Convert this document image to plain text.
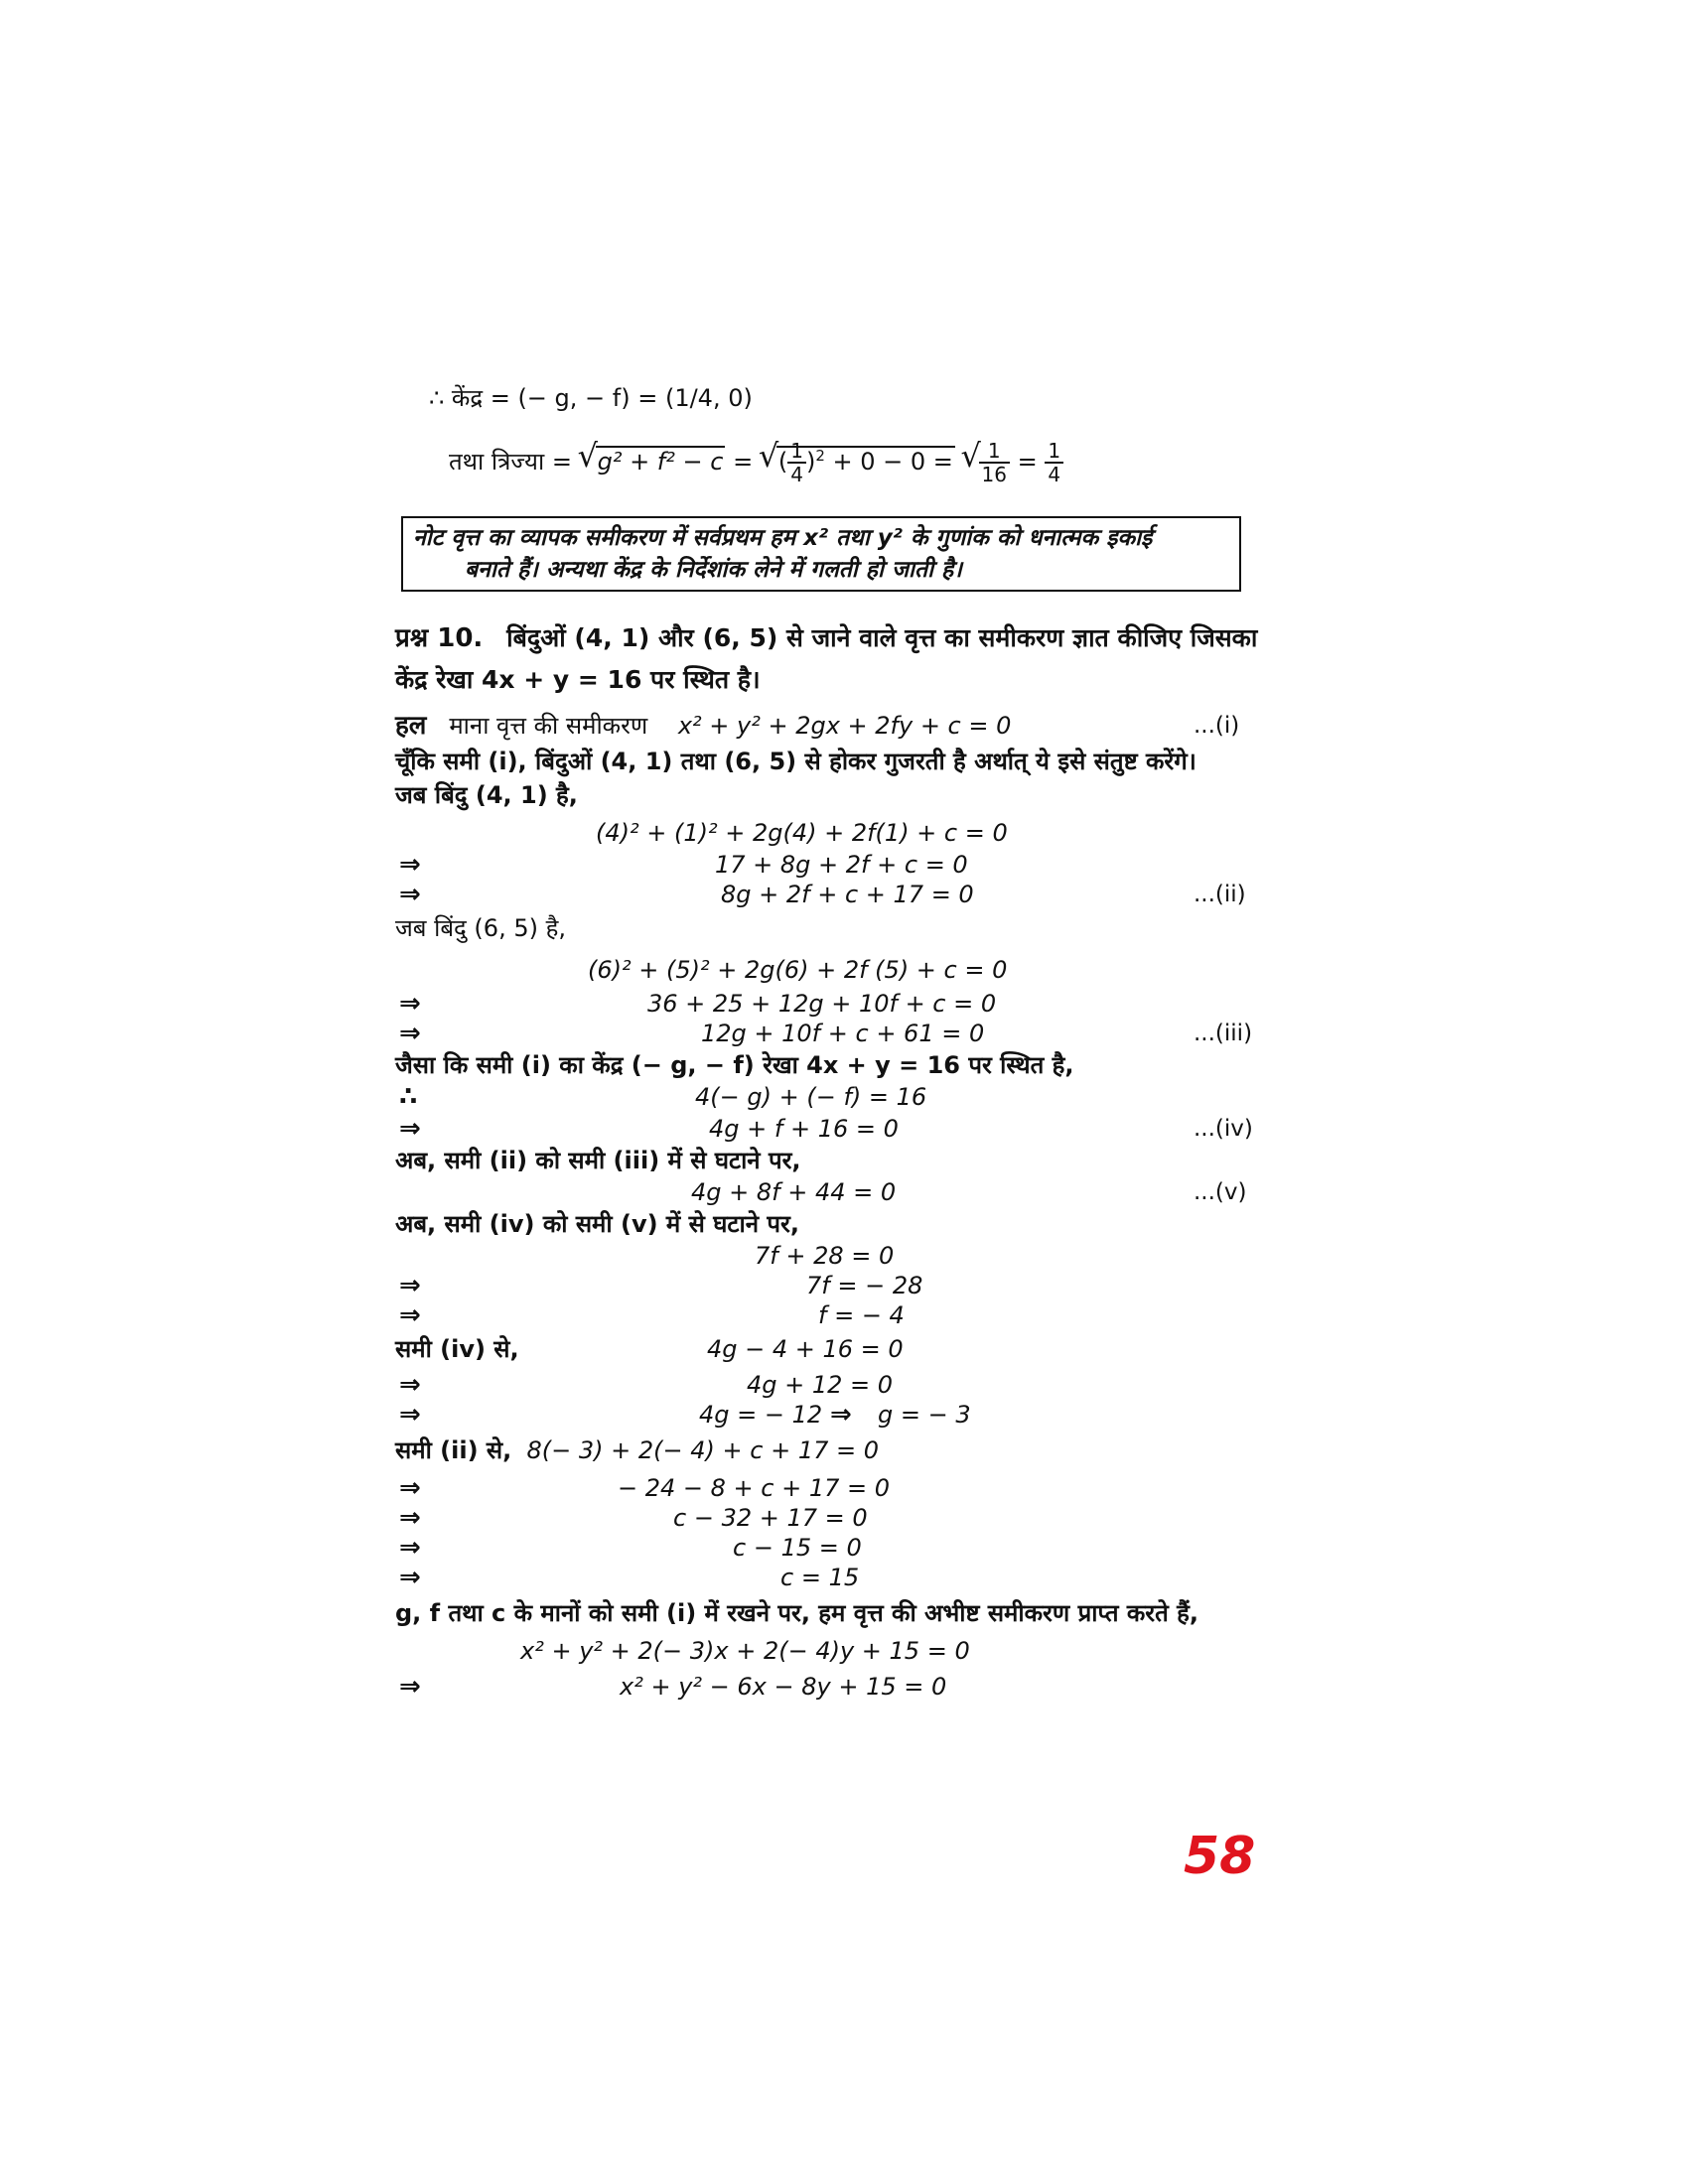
∴ केंद्र = (− g, − f) = (1/4, 0)
तथा त्रिज्या = √ g² + f² − c = √ ( $\frac{1}{4} )^2 + 0 - 0$ = √ $\frac{1}{16} = \frac{1}{4}$
नोट वृत्त का व्यापक समीकरण में सर्वप्रथम हम x² तथा y² के गुणांक को धनात्मक इकाई
बनाते हैं। अन्यथा केंद्र के निर्देशांक लेने में गलती हो जाती है।
प्रश्न 10. बिंदुओं (4, 1) और (6, 5) से जाने वाले वृत्त का समीकरण ज्ञात कीजिए जिसका
केंद्र रेखा 4x + y = 16 पर स्थित है।
हल माना वृत्त की समीकरण x² + y² + 2gx + 2fy + c = 0	...(i)
चूँकि समी (i), बिंदुओं (4, 1) तथा (6, 5) से होकर गुजरती है अर्थात् ये इसे संतुष्ट करेंगे।
जब बिंदु (4, 1) है,
(4)² + (1)² + 2g(4) + 2f(1) + c = 0
⇒	17 + 8g + 2f + c = 0
⇒	8g + 2f + c + 17 = 0	...(ii)
जब बिंदु (6, 5) है,
(6)² + (5)² + 2g(6) + 2f (5) + c = 0
⇒	36 + 25 + 12g + 10f + c = 0
⇒	12g + 10f + c + 61 = 0	...(iii)
जैसा कि समी (i) का केंद्र (− g, − f) रेखा 4x + y = 16 पर स्थित है,
∴	4(− g) + (− f) = 16
⇒	4g + f + 16 = 0	...(iv)
अब, समी (ii) को समी (iii) में से घटाने पर,
4g + 8f + 44 = 0	...(v)
अब, समी (iv) को समी (v) में से घटाने पर,
7f + 28 = 0
⇒	7f = − 28
⇒	f = − 4
समी (iv) से,	4g − 4 + 16 = 0
⇒	4g + 12 = 0
⇒	4g = − 12 ⇒ g = − 3
समी (ii) से, 8(− 3) + 2(− 4) + c + 17 = 0
⇒	− 24 − 8 + c + 17 = 0
⇒	c − 32 + 17 = 0
⇒	c − 15 = 0
⇒	c = 15
g, f तथा c के मानों को समी (i) में रखने पर, हम वृत्त की अभीष्ट समीकरण प्राप्त करते हैं,
x² + y² + 2(− 3)x + 2(− 4)y + 15 = 0
⇒	x² + y² − 6x − 8y + 15 = 0
58
